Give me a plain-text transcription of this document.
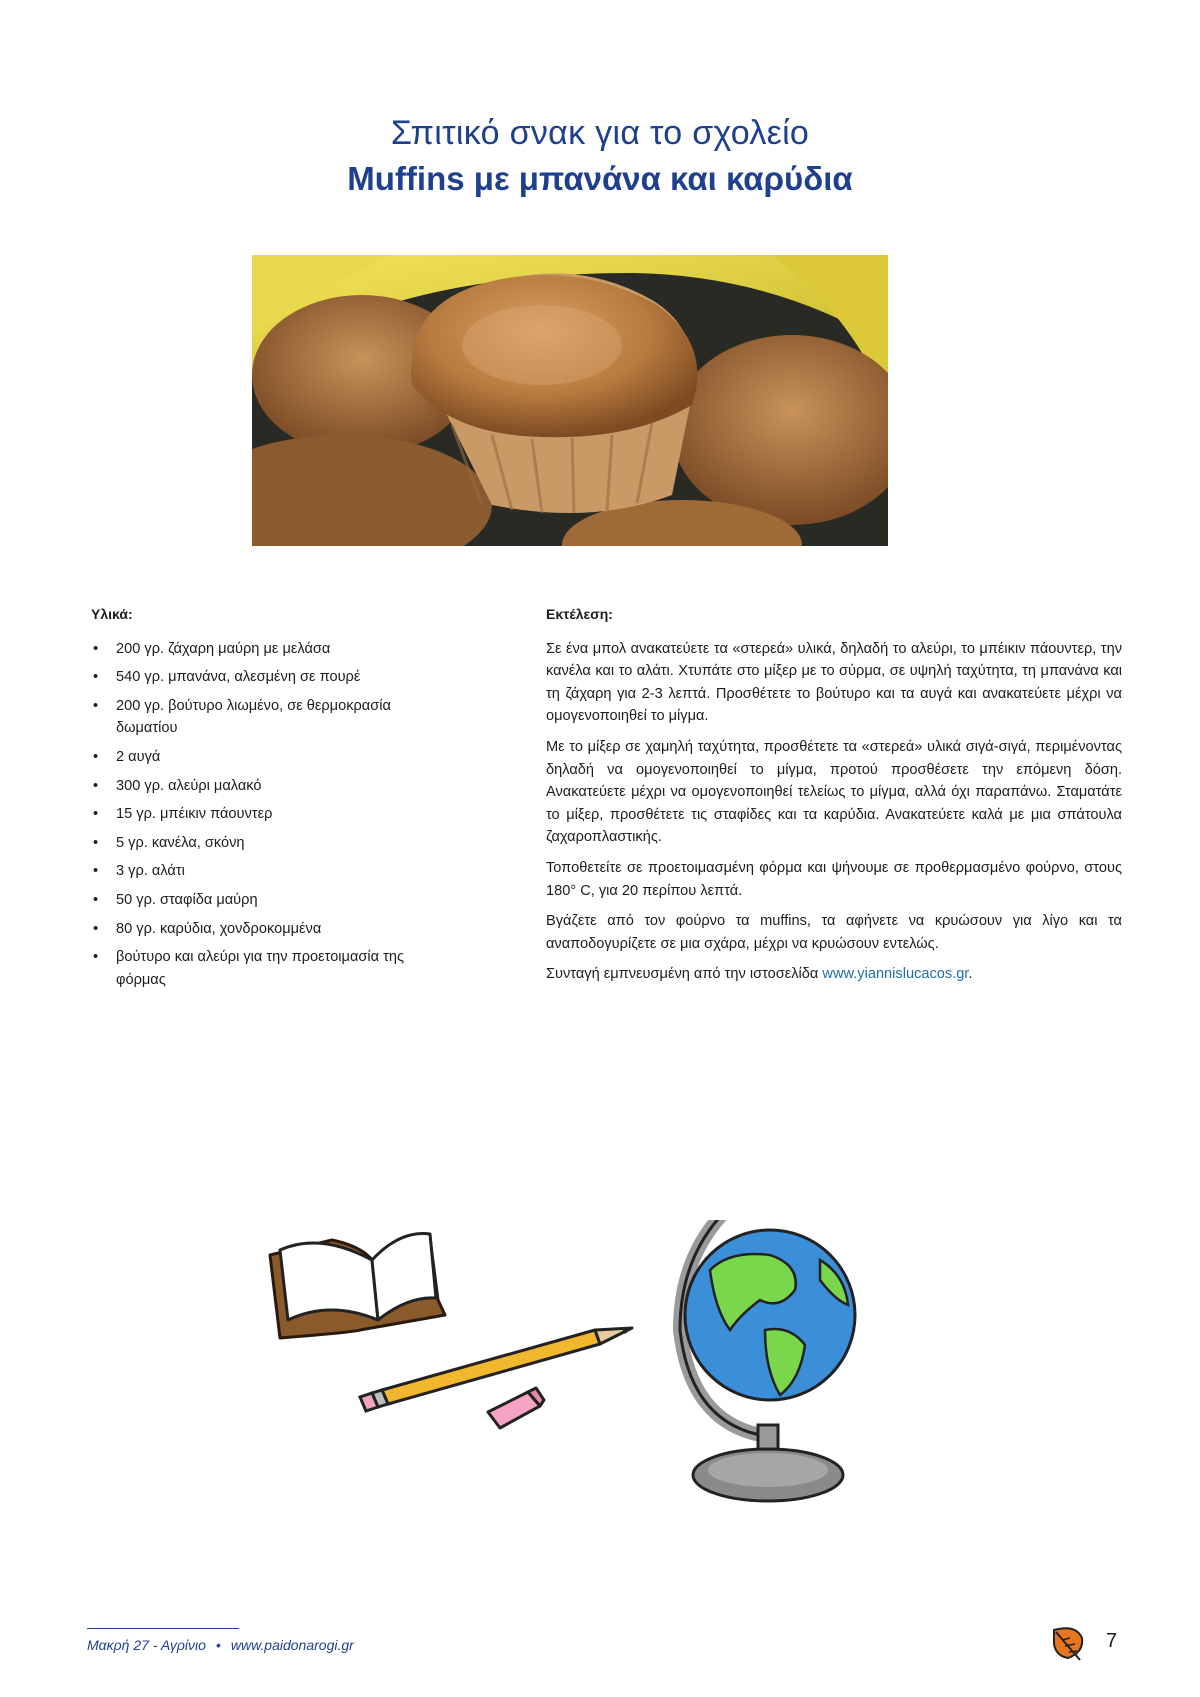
Σπιτικό σνακ για το σχολείο
Muffins με μπανάνα και καρύδια
Υλικά:
• 200 γρ. ζάχαρη μαύρη με μελάσα
• 540 γρ. μπανάνα, αλεσμένη σε πουρέ
• 200 γρ. βούτυρο λιωμένο, σε θερμοκρασία δωματίου
• 2 αυγά
• 300 γρ. αλεύρι μαλακό
• 15 γρ. μπέικιν πάουντερ
• 5 γρ. κανέλα, σκόνη
• 3 γρ. αλάτι
• 50 γρ. σταφίδα μαύρη
• 80 γρ. καρύδια, χονδροκομμένα
• βούτυρο και αλεύρι για την προετοιμασία της φόρμας
Εκτέλεση:

Σε ένα μπολ ανακατεύετε τα «στερεά» υλικά, δηλαδή το αλεύρι, το μπέικιν πάουντερ, την κανέλα και το αλάτι. Χτυπάτε στο μίξερ με το σύρμα, σε υψηλή ταχύτητα, τη μπανάνα και τη ζάχαρη για 2-3 λεπτά. Προσθέτετε το βούτυρο και τα αυγά και ανακατεύετε μέχρι να ομογενοποιηθεί το μίγμα.

Με το μίξερ σε χαμηλή ταχύτητα, προσθέτετε τα «στερεά» υλικά σιγά-σιγά, περιμένοντας δηλαδή να ομογενοποιηθεί το μίγμα, προτού προσθέσετε την επόμενη δόση. Ανακατεύετε μέχρι να ομογενοποιηθεί τελείως το μίγμα, αλλά όχι παραπάνω. Σταματάτε το μίξερ, προσθέτετε τις σταφίδες και τα καρύδια. Ανακατεύετε καλά με μια σπάτουλα ζαχαροπλαστικής.

Τοποθετείτε σε προετοιμασμένη φόρμα και ψήνουμε σε προθερμασμένο φούρνο, στους 180° C, για 20 περίπου λεπτά.

Βγάζετε από τον φούρνο τα muffins, τα αφήνετε να κρυώσουν για λίγο και τα αναποδογυρίζετε σε μια σχάρα, μέχρι να κρυώσουν εντελώς.

Συνταγή εμπνευσμένη από την ιστοσελίδα www.yiannislucacos.gr.

Μακρή 27 - Αγρίνιο • www.paidonarogi.gr	7
